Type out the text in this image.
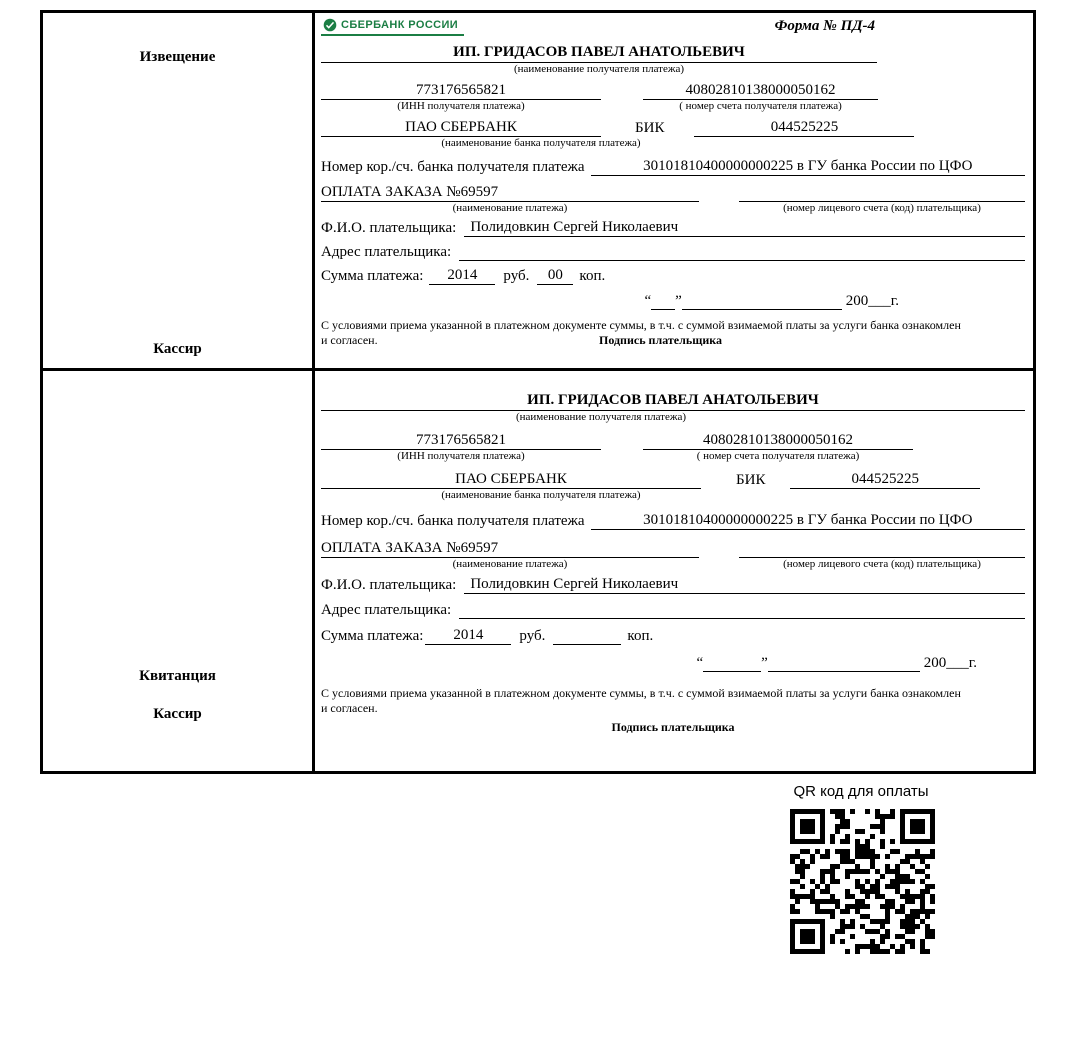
Извещение
Кассир
СБЕРБАНК РОССИИ	Форма № ПД-4
ИП. ГРИДАСОВ ПАВЕЛ АНАТОЛЬЕВИЧ
(наименование получателя платежа)
773176565821	40802810138000050162
(ИНН получателя платежа)	( номер счета получателя платежа)
ПАО СБЕРБАНК	БИК	044525225
(наименование банка получателя платежа)
Номер кор./сч. банка получателя платежа	30101810400000000225 в ГУ банка России по ЦФО
ОПЛАТА ЗАКАЗА №69597
(наименование платежа)	(номер лицевого счета (код) плательщика)
Ф.И.О. плательщика: Полидовкин Сергей Николаевич
Адрес плательщика:
Сумма платежа:	2014	руб.	00	коп.
“ ”	200___г.
С условиями приема указанной в платежном документе суммы, в т.ч. с суммой взимаемой платы за услуги банка ознакомлен и согласен.	Подпись плательщика
Квитанция
Кассир
ИП. ГРИДАСОВ ПАВЕЛ АНАТОЛЬЕВИЧ
(наименование получателя платежа)
773176565821	40802810138000050162
(ИНН получателя платежа)	( номер счета получателя платежа)
ПАО СБЕРБАНК	БИК	044525225
(наименование банка получателя платежа)
Номер кор./сч. банка получателя платежа	30101810400000000225 в ГУ банка России по ЦФО
ОПЛАТА ЗАКАЗА №69597
(наименование платежа)	(номер лицевого счета (код) плательщика)
Ф.И.О. плательщика: Полидовкин Сергей Николаевич
Адрес плательщика:
Сумма платежа:	2014	руб.	коп.
“	”	200___г.
С условиями приема указанной в платежном документе суммы, в т.ч. с суммой взимаемой платы за услуги банка ознакомлен и согласен.
Подпись плательщика
QR код для оплаты
